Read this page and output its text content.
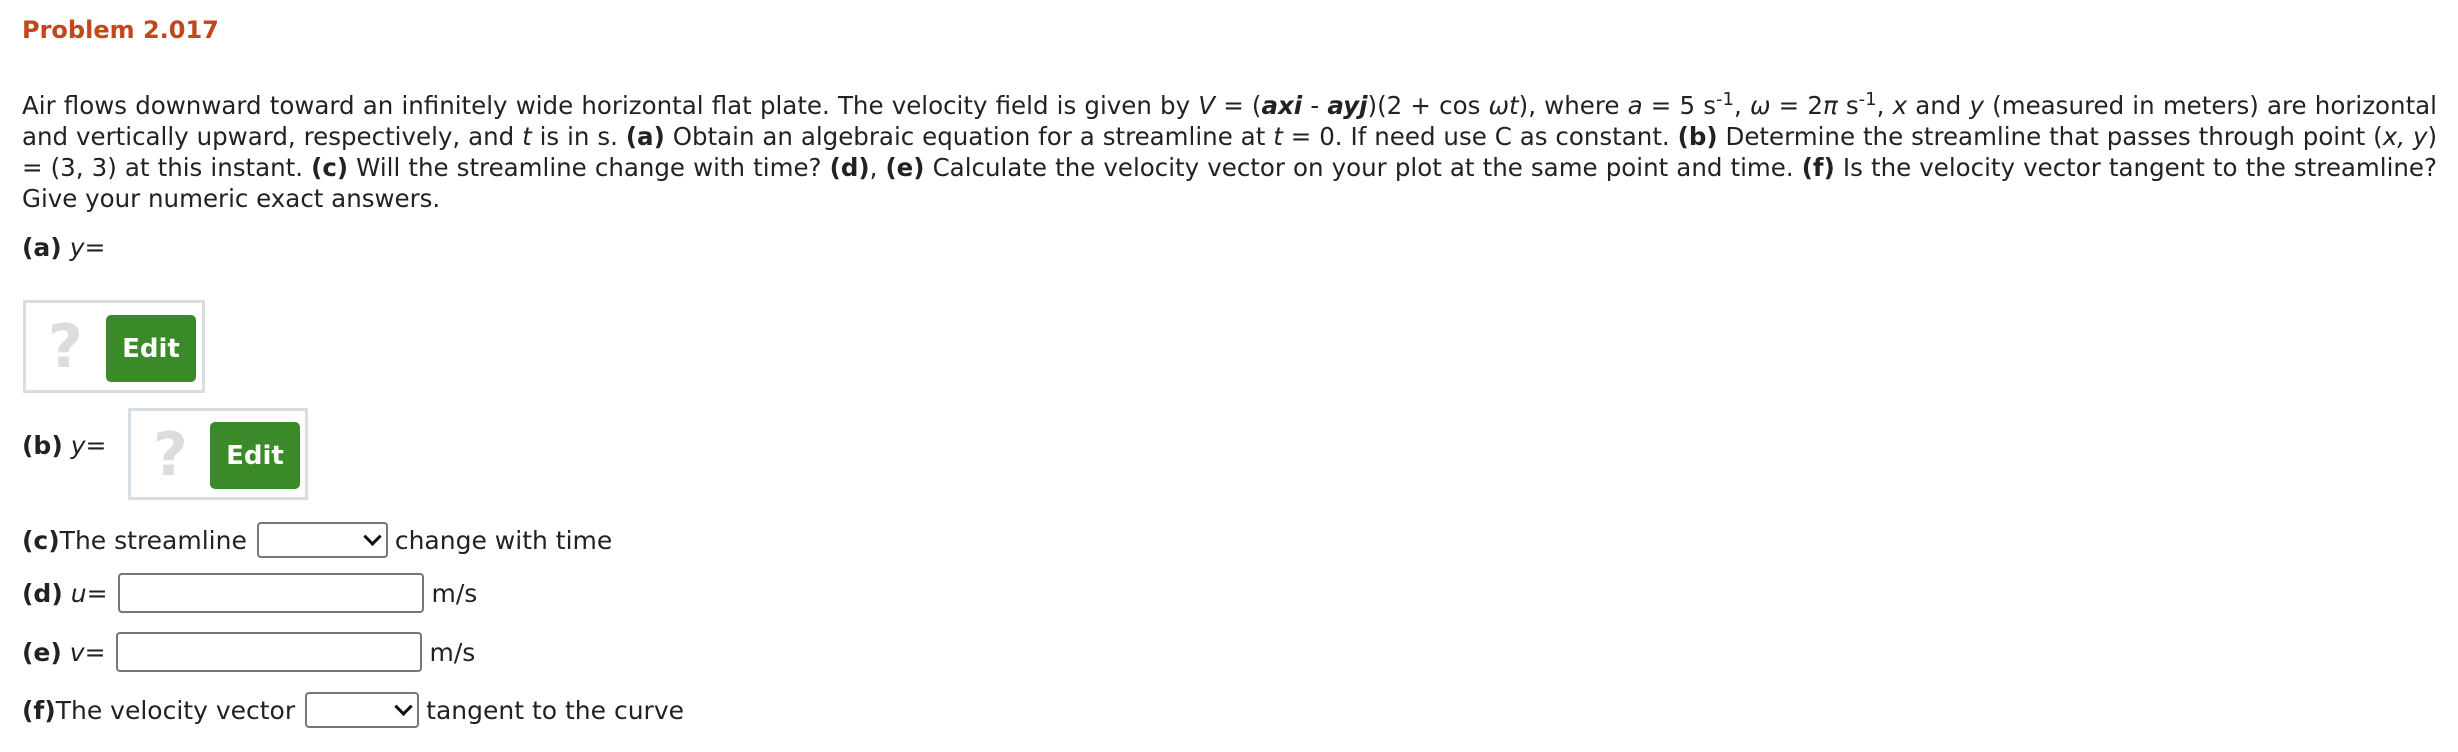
Problem 2.017
Air flows downward toward an infinitely wide horizontal flat plate. The velocity field is given by V = (axi - ayj)(2 + cos ωt), where a = 5 $s^{-1}$, ω = 2π $s^{-1}$, x and y (measured in meters) are horizontal and vertically upward, respectively, and t is in s. (a) Obtain an algebraic equation for a streamline at t = 0. If need use C as constant. (b) Determine the streamline that passes through point (x, y) = (3, 3) at this instant. (c) Will the streamline change with time? (d), (e) Calculate the velocity vector on your plot at the same point and time. (f) Is the velocity vector tangent to the streamline? Give your numeric exact answers.
(a)
y =
?	Edit
(b)
y = ?	Edit
(c) The streamline	change with time
(d)
u =	m/s
(e)
v =	m/s
(f) The velocity vector	tangent to the curve
